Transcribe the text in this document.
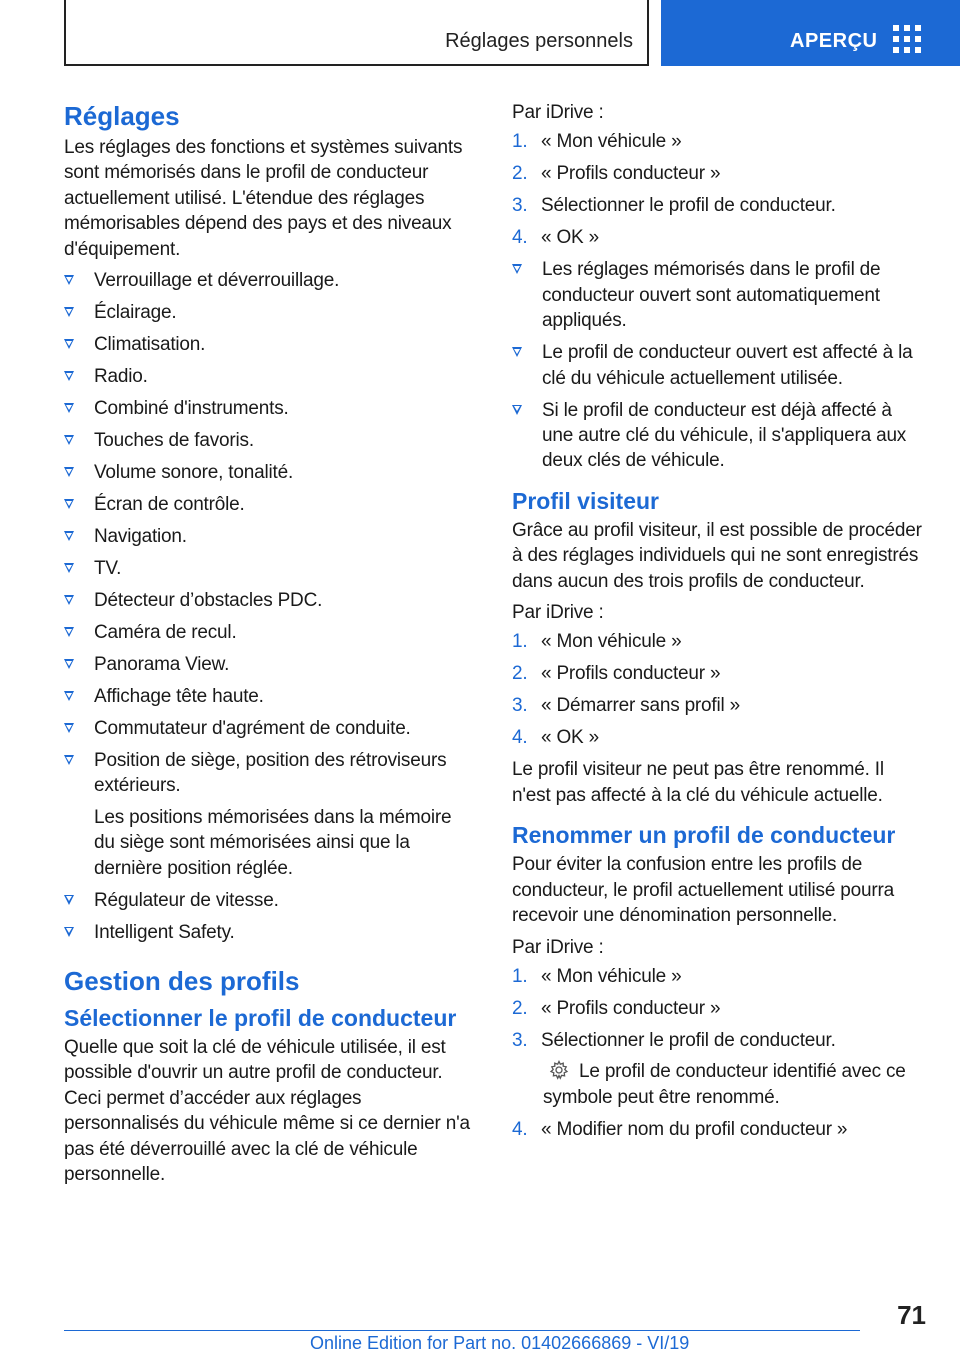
Réglages personnels	APERÇU
Réglages

Les réglages des fonctions et systèmes suivants sont mémorisés dans le profil de conducteur actuellement utilisé. L'étendue des réglages mémorisables dépend des pays et des niveaux d'équipement.

Verrouillage et déverrouillage.
Éclairage.
Climatisation.
Radio.
Combiné d'instruments.
Touches de favoris.
Volume sonore, tonalité.
Écran de contrôle.
Navigation.
TV.
Détecteur d’obstacles PDC.
Caméra de recul.
Panorama View.
Affichage tête haute.
Commutateur d'agrément de conduite.
Position de siège, position des rétroviseurs extérieurs.
Les positions mémorisées dans la mémoire du siège sont mémorisées ainsi que la dernière position réglée.
Régulateur de vitesse.
Intelligent Safety.
Gestion des profils
Sélectionner le profil de conducteur

Quelle que soit la clé de véhicule utilisée, il est possible d'ouvrir un autre profil de conducteur. Ceci permet d’accéder aux réglages personnalisés du véhicule même si ce dernier n'a pas été déverrouillé avec la clé de véhicule personnelle.

Par iDrive :

1. « Mon véhicule »
2. « Profils conducteur »
3. Sélectionner le profil de conducteur.
4. « OK »
Les réglages mémorisés dans le profil de conducteur ouvert sont automatiquement appliqués.
Le profil de conducteur ouvert est affecté à la clé du véhicule actuellement utilisée.
Si le profil de conducteur est déjà affecté à une autre clé du véhicule, il s'appliquera aux deux clés de véhicule.
Profil visiteur

Grâce au profil visiteur, il est possible de procéder à des réglages individuels qui ne sont enregistrés dans aucun des trois profils de conducteur.

Par iDrive :

1. « Mon véhicule »
2. « Profils conducteur »
3. « Démarrer sans profil »
4. « OK »

Le profil visiteur ne peut pas être renommé. Il n'est pas affecté à la clé du véhicule actuelle.

Renommer un profil de conducteur

Pour éviter la confusion entre les profils de conducteur, le profil actuellement utilisé pourra recevoir une dénomination personnelle.

Par iDrive :

1. « Mon véhicule »
2. « Profils conducteur »
3. Sélectionner le profil de conducteur.
Le profil de conducteur identifié avec ce symbole peut être renommé.
4. « Modifier nom du profil conducteur »
71
Online Edition for Part no. 01402666869 - VI/19
